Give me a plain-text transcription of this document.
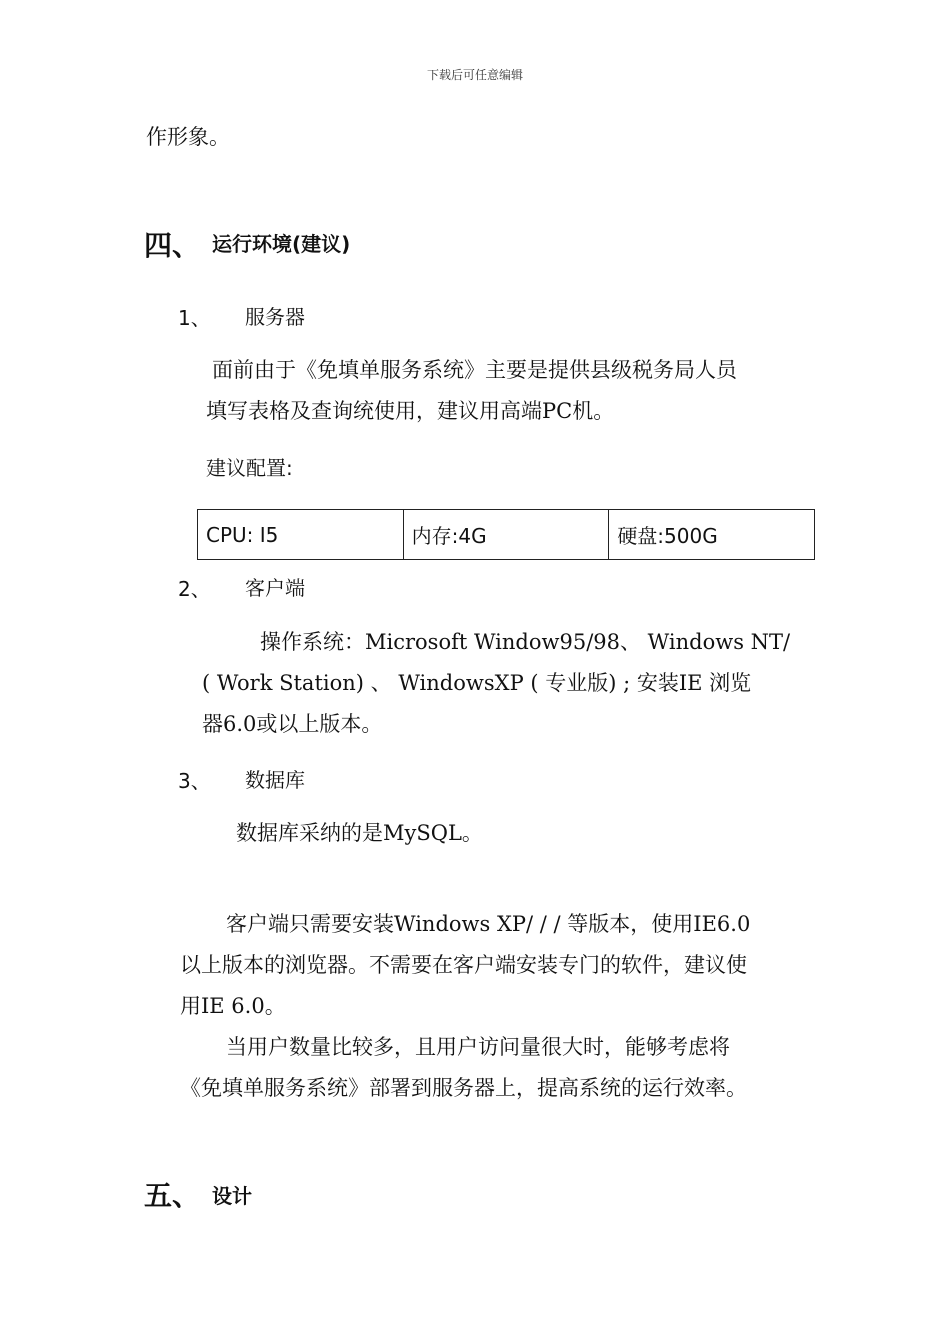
下载后可任意编辑
作形象。
四、 运行环境(建议)
1、 服务器
面前由于《免填单服务系统》主要是提供县级税务局人员
填写表格及查询统使用，建议用高端PC机。
建议配置:
CPU: I5	内存:4G	硬盘:500G
2、 客户端
操作系统：Microsoft Window95/98、 Windows NT/
( Work Station) 、 WindowsXP ( 专业版) ; 安装IE 浏览
器6.0或以上版本。
3、 数据库
数据库采纳的是MySQL。
客户端只需要安装Windows XP/ / / 等版本，使用IE6.0
以上版本的浏览器。不需要在客户端安装专门的软件，建议使
用IE 6.0。
当用户数量比较多，且用户访问量很大时，能够考虑将
《免填单服务系统》部署到服务器上，提高系统的运行效率。
五、 设计
